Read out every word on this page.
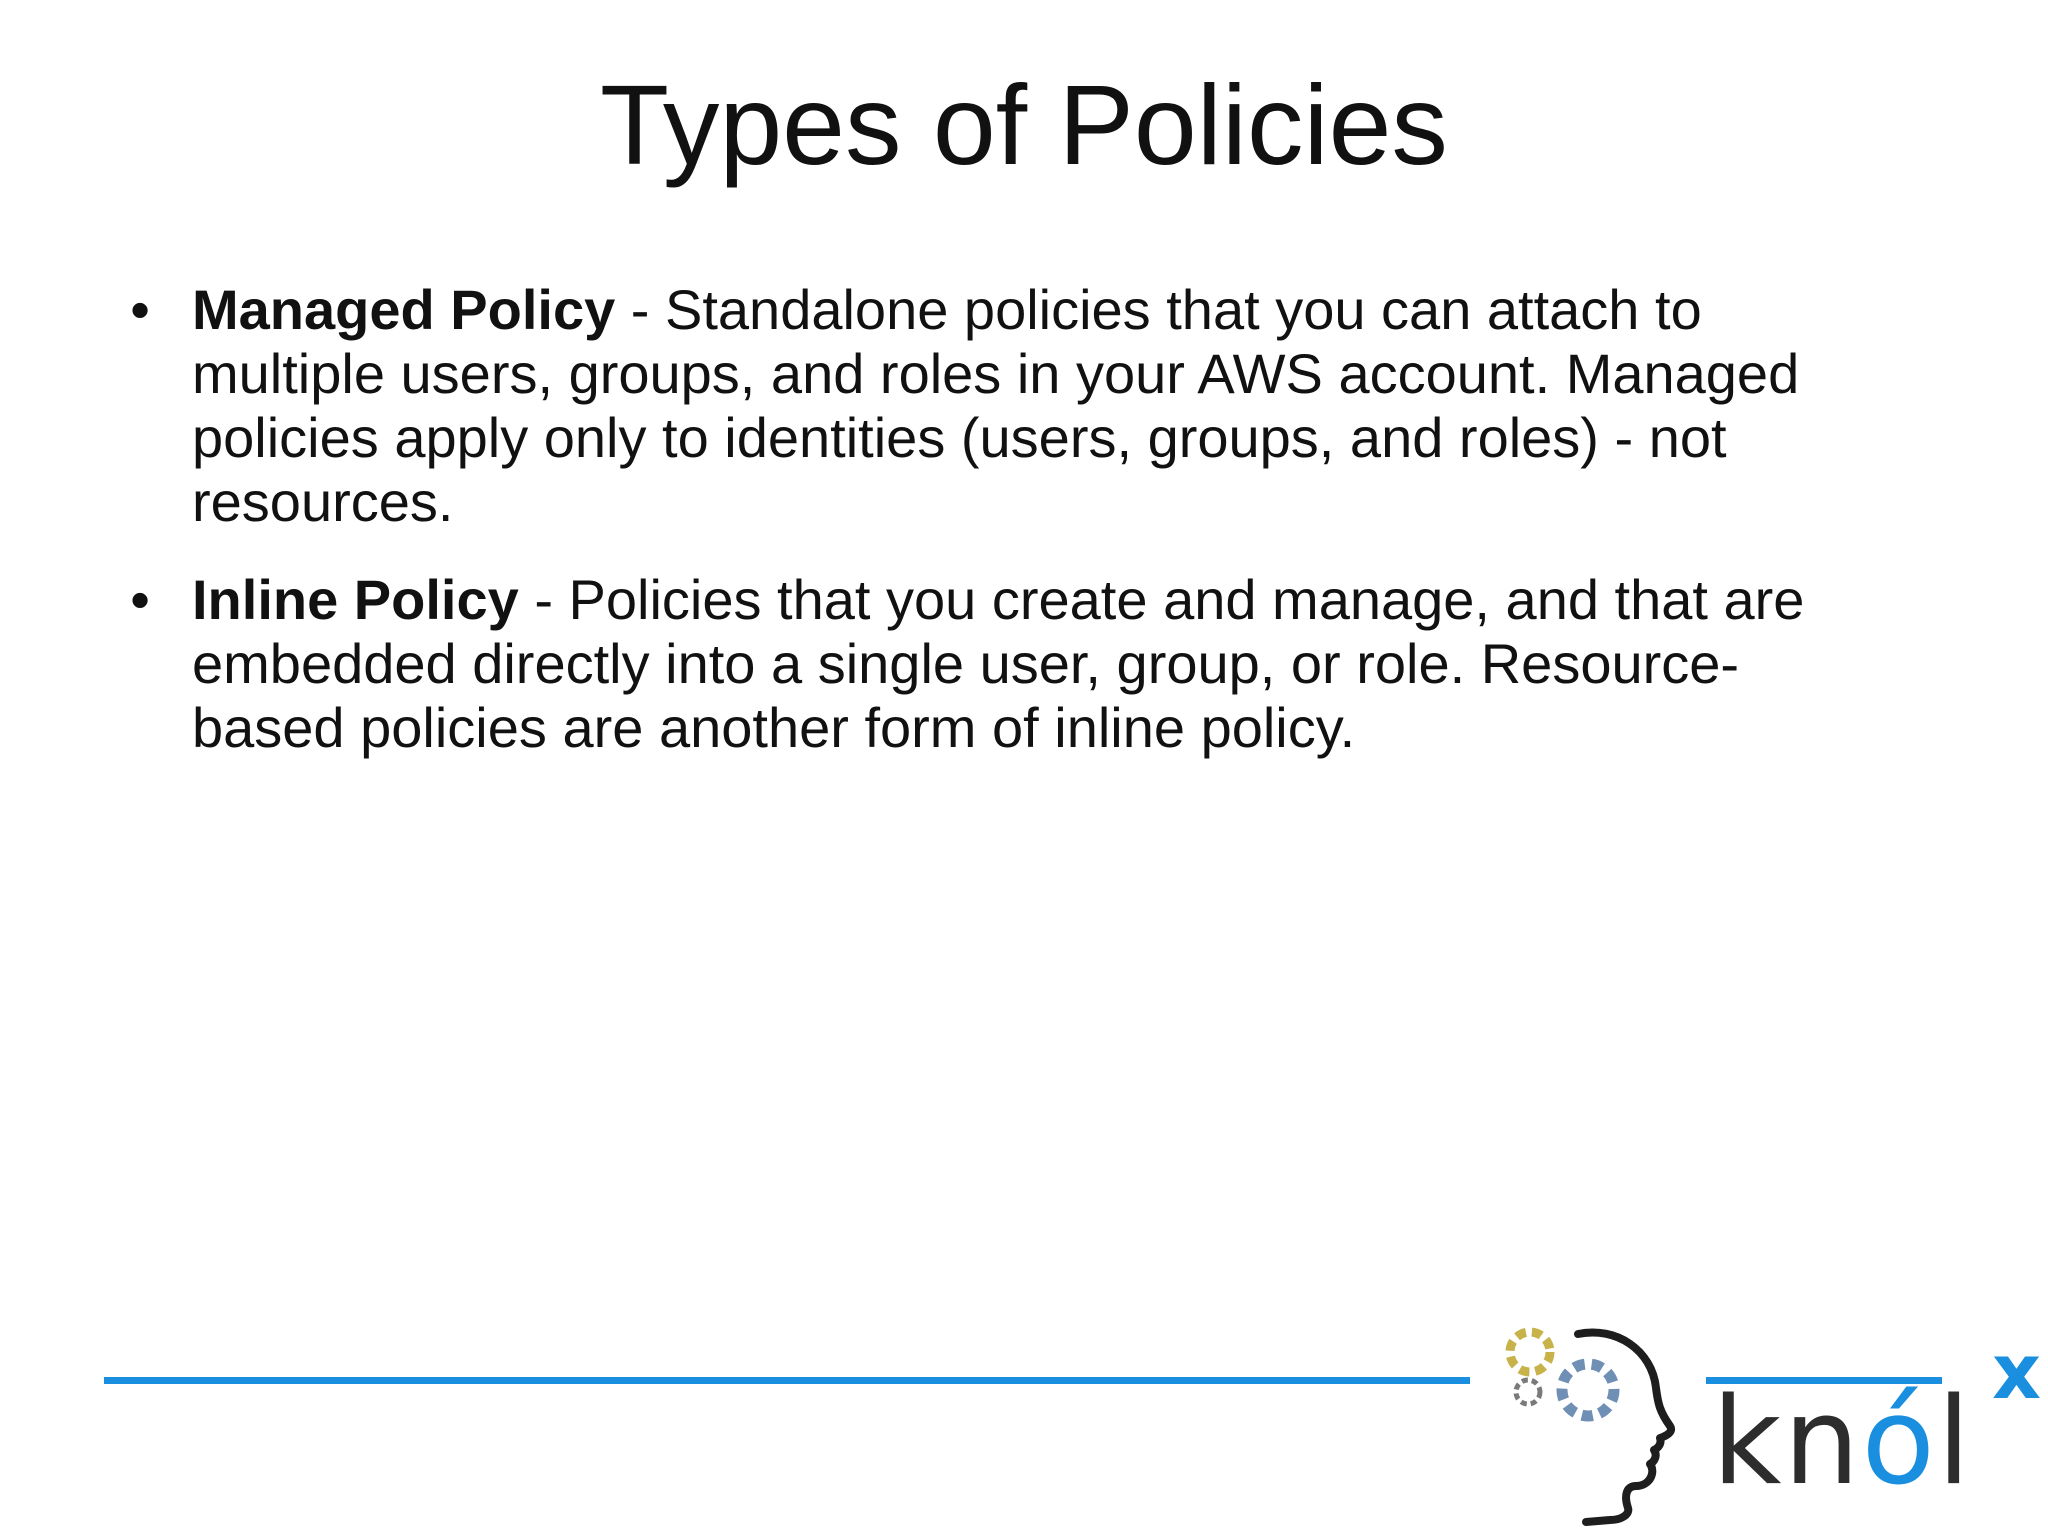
Types of Policies
• Managed Policy - Standalone policies that you can attach to multiple users, groups, and roles in your AWS account. Managed policies apply only to identities (users, groups, and roles) - not resources.
• Inline Policy - Policies that you create and manage, and that are embedded directly into a single user, group, or role. Resource-based policies are another form of inline policy.
knól
x
